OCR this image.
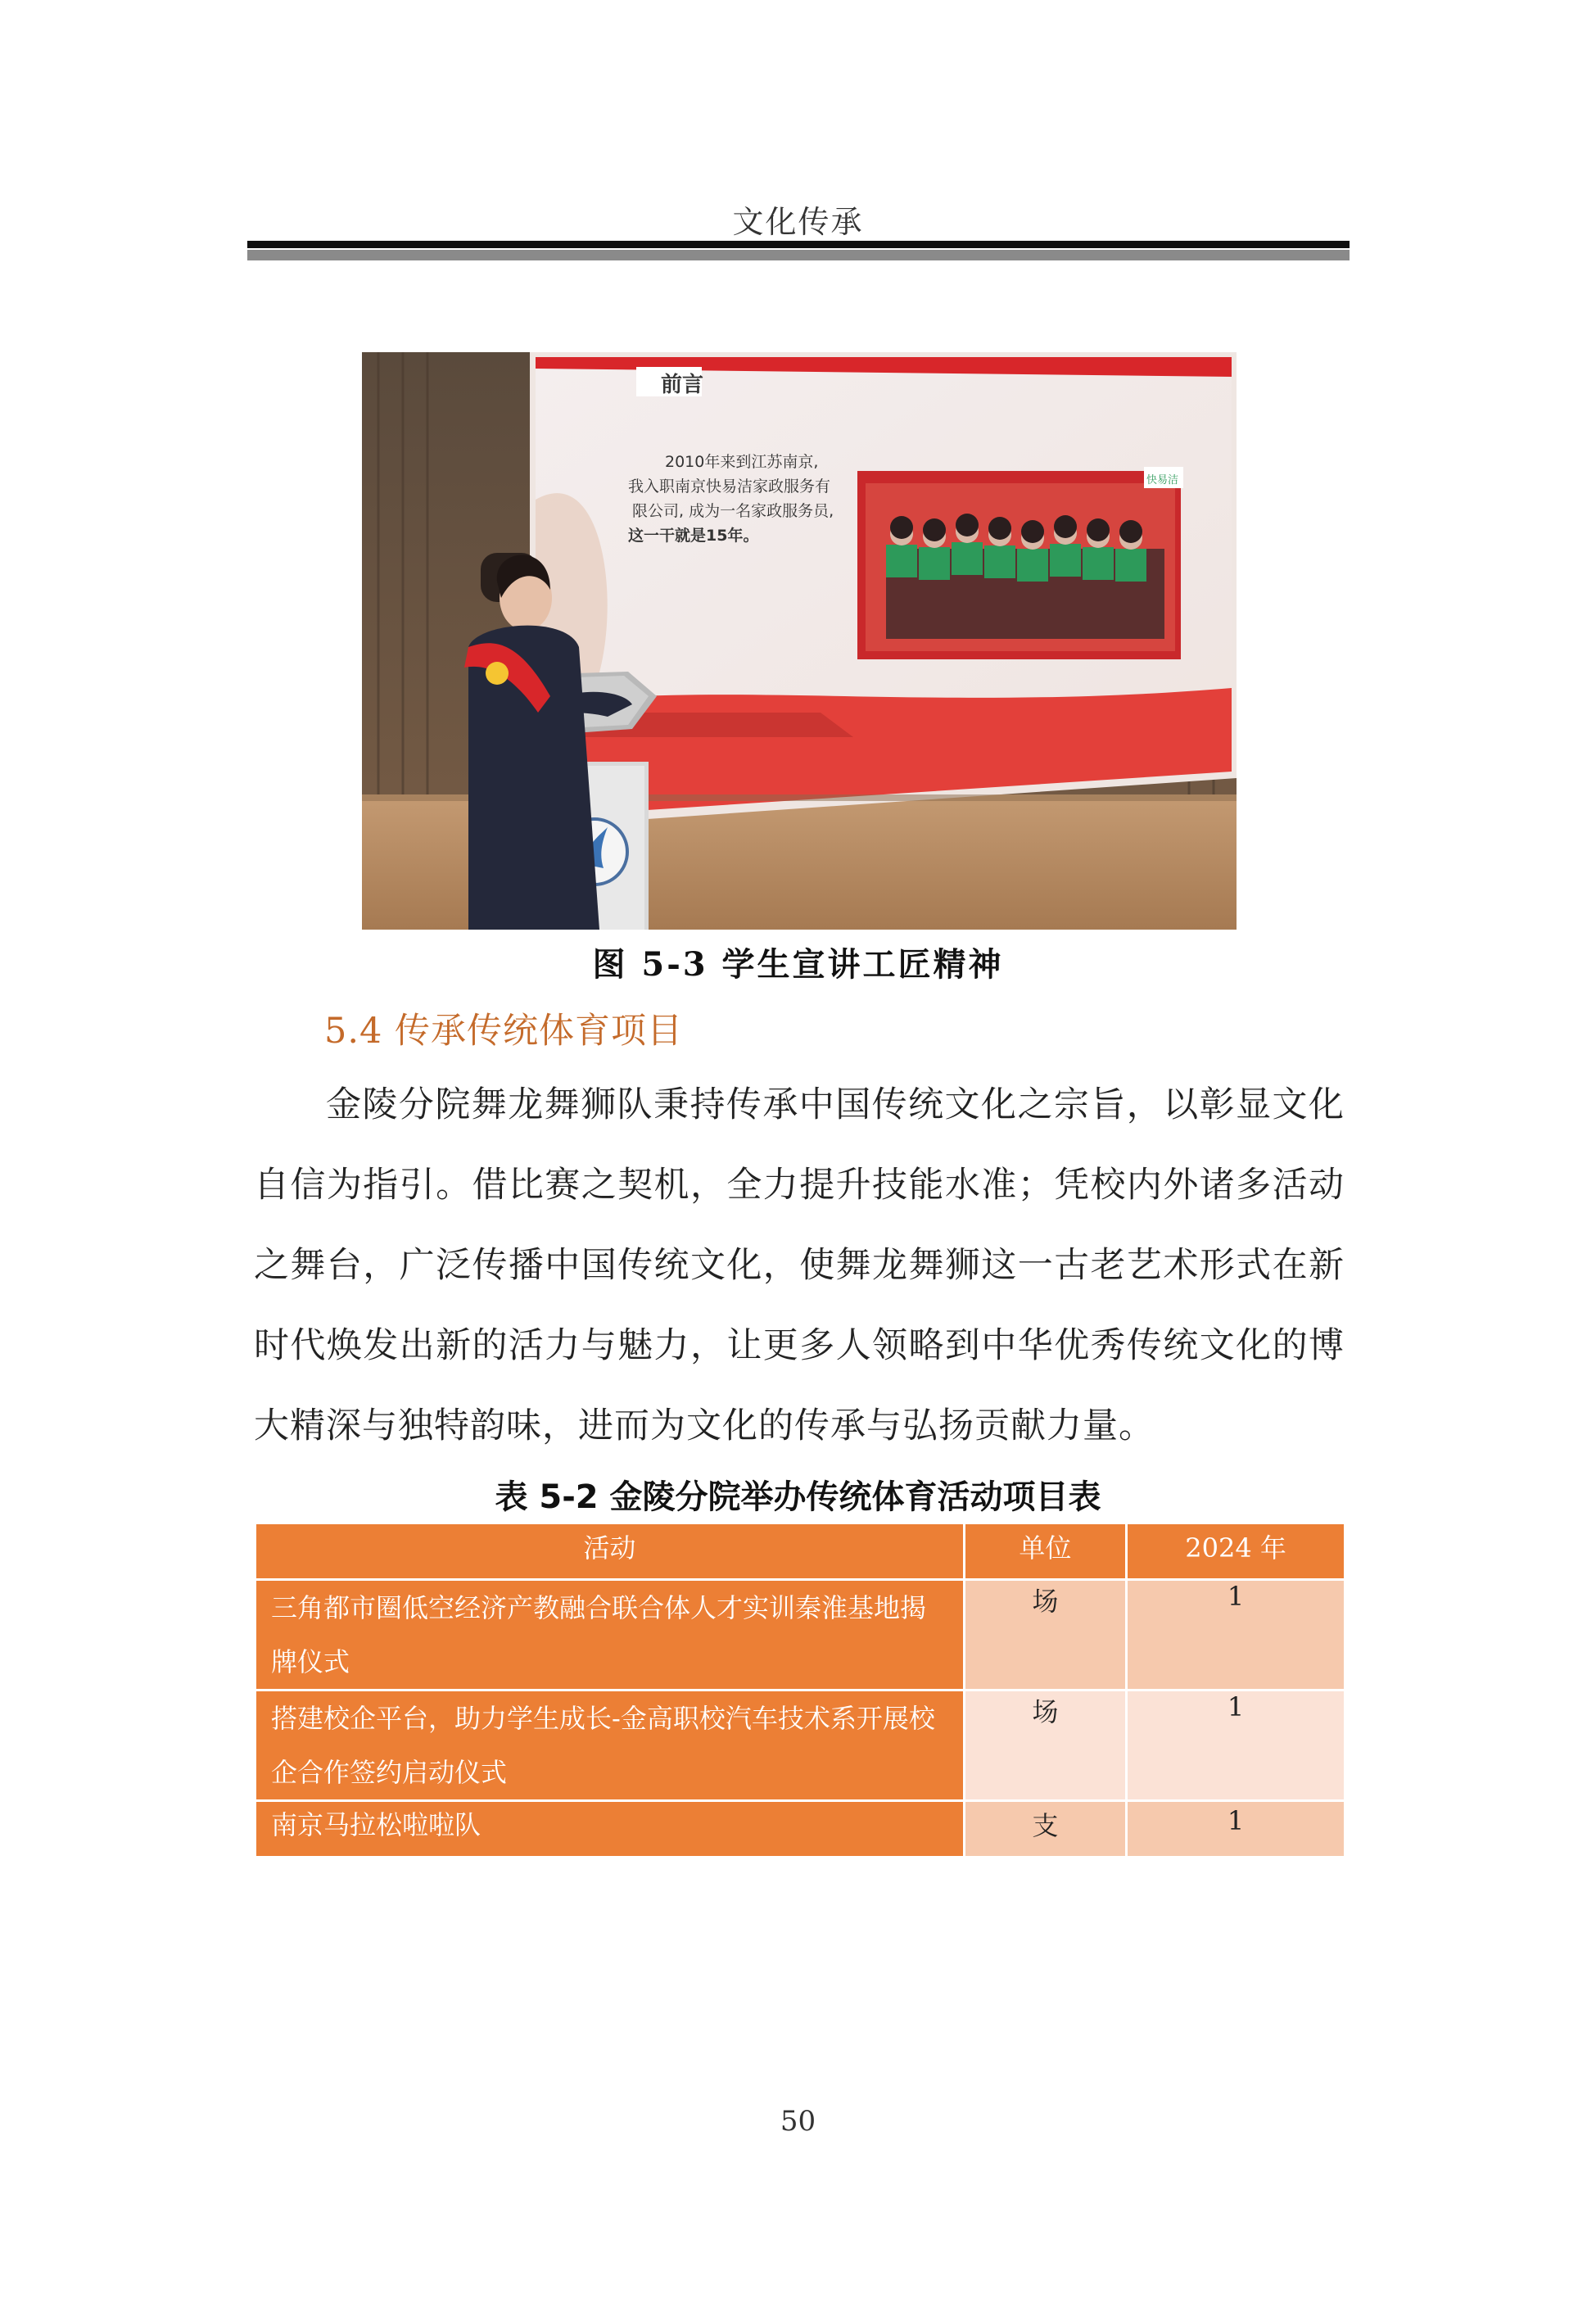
文化传承
前言
2010年来到江苏南京,
我入职南京快易洁家政服务有
限公司, 成为一名家政服务员,
这一干就是15年。
快易洁
图 5-3 学生宣讲工匠精神
5.4 传承传统体育项目
金陵分院舞龙舞狮队秉持传承中国传统文化之宗旨，以彰显文化自信为指引。借比赛之契机，全力提升技能水准；凭校内外诸多活动之舞台，广泛传播中国传统文化，使舞龙舞狮这一古老艺术形式在新时代焕发出新的活力与魅力，让更多人领略到中华优秀传统文化的博大精深与独特韵味，进而为文化的传承与弘扬贡献力量。
表 5-2 金陵分院举办传统体育活动项目表
活动	单位	2024 年
三角都市圈低空经济产教融合联合体人才实训秦淮基地揭牌仪式	场	1
搭建校企平台，助力学生成长-金高职校汽车技术系开展校企合作签约启动仪式	场	1
南京马拉松啦啦队	支	1
50
